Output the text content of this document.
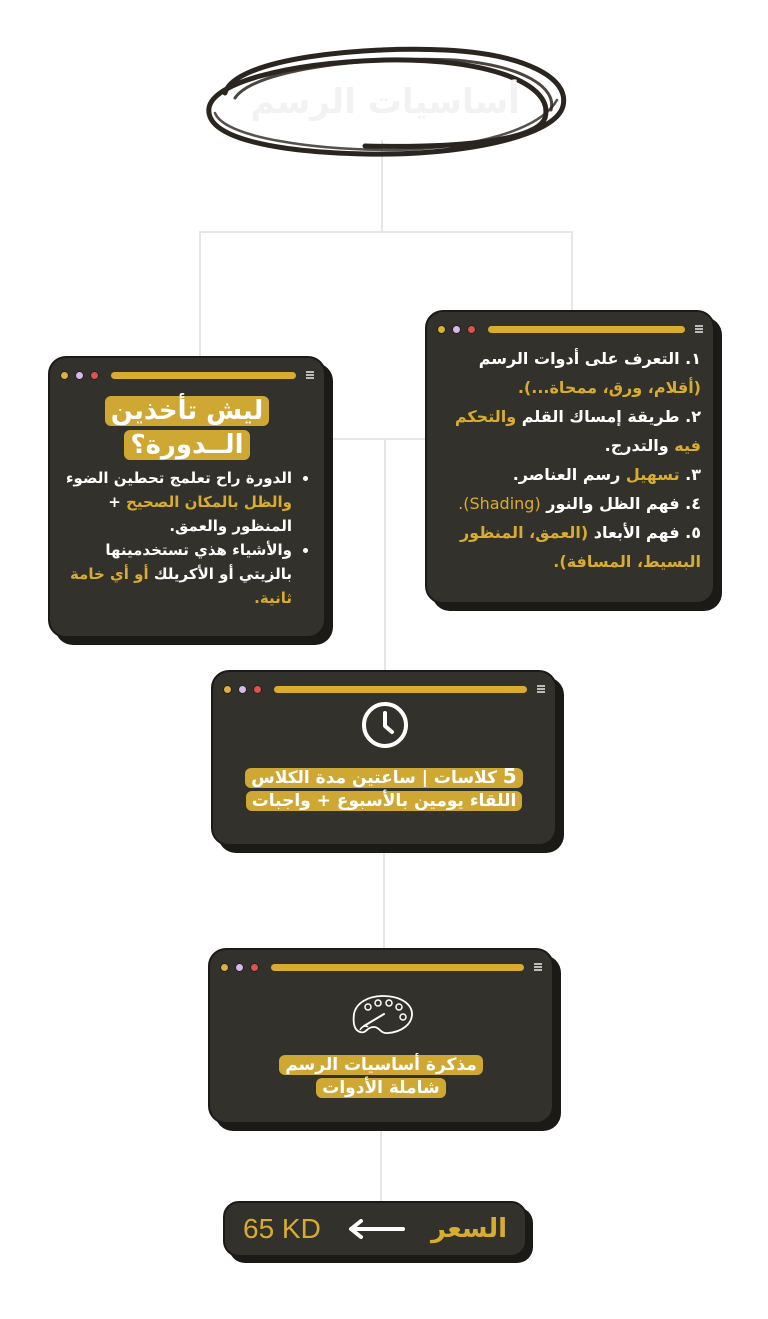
أساسيات الرسم
١. التعرف على أدوات الرسم (أقلام، ورق، ممحاة...).
٢. طريقة إمساك القلم والتحكم فيه والتدرج.
٣. تسهيل رسم العناصر.
٤. فهم الظل والنور (Shading).
٥. فهم الأبعاد (العمق، المنظور البسيط، المسافة).
ليش تأخذين
الــدورة؟
• الدورة راح تعلمج تحطين الضوء والظل بالمكان الصحيح + المنظور والعمق.
• والأشياء هذي تستخدمينها بالزيتي أو الأكريلك أو أي خامة ثانية.
5 كلاسات | ساعتين مدة الكلاس
اللقاء يومين بالأسبوع + واجبات
مذكرة أساسيات الرسم
شاملة الأدوات
65 KD	السعر
